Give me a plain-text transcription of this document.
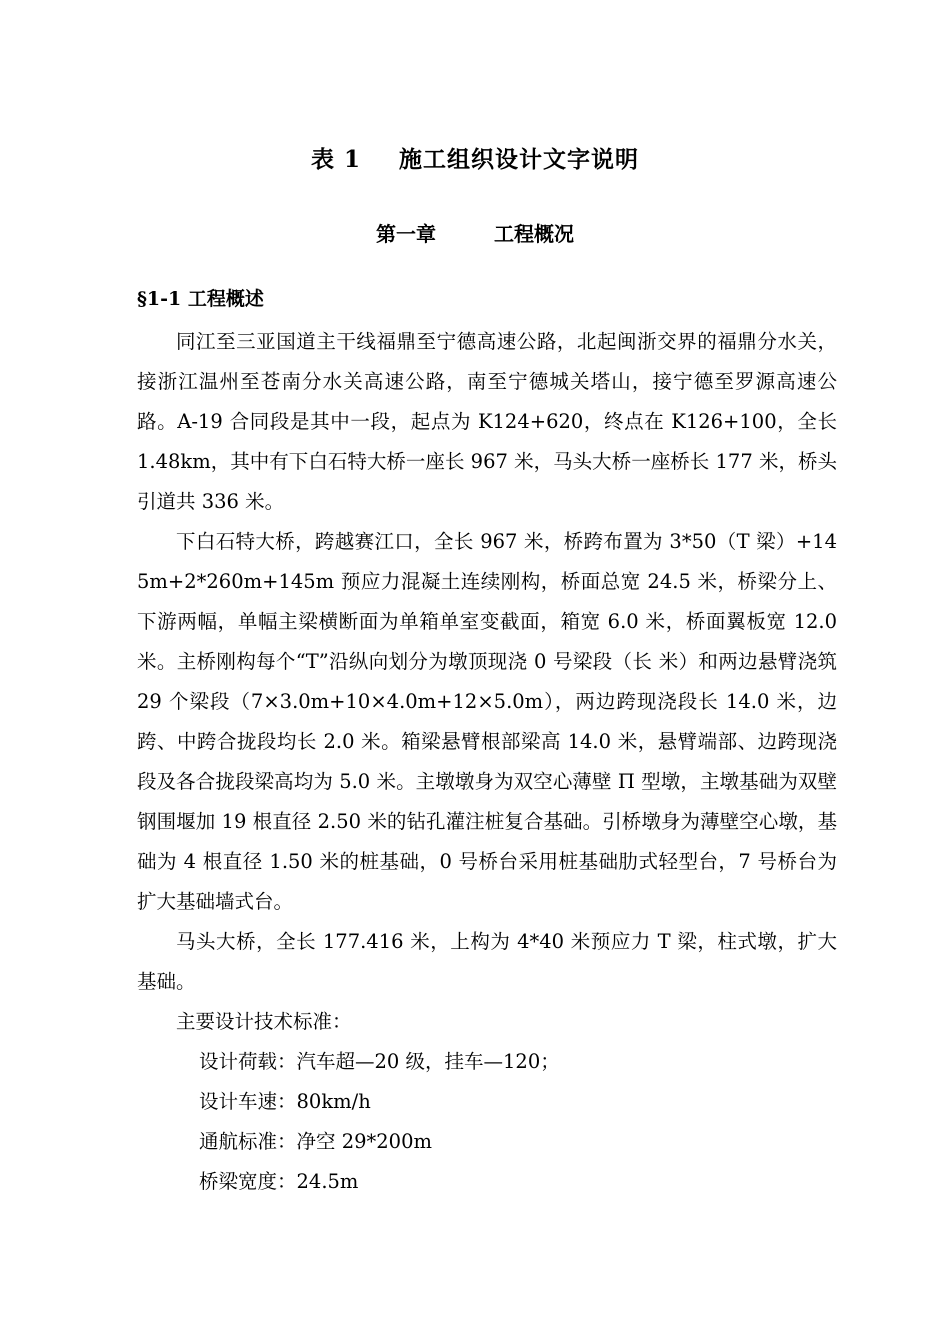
表 1 施工组织设计文字说明
第一章	工程概况
§1-1 工程概述

同江至三亚国道主干线福鼎至宁德高速公路，北起闽浙交界的福鼎分水关，接浙江温州至苍南分水关高速公路，南至宁德城关塔山，接宁德至罗源高速公路。A-19 合同段是其中一段，起点为 K124+620，终点在 K126+100，全长 1.48km，其中有下白石特大桥一座长 967 米，马头大桥一座桥长 177 米，桥头引道共 336 米。

下白石特大桥，跨越赛江口，全长 967 米，桥跨布置为 3*50（T 梁）+145m+2*260m+145m 预应力混凝土连续刚构，桥面总宽 24.5 米，桥梁分上、下游两幅，单幅主梁横断面为单箱单室变截面，箱宽 6.0 米，桥面翼板宽 12.0 米。主桥刚构每个“T”沿纵向划分为墩顶现浇 0 号梁段（长 米）和两边悬臂浇筑 29 个梁段（7×3.0m+10×4.0m+12×5.0m），两边跨现浇段长 14.0 米，边跨、中跨合拢段均长 2.0 米。箱梁悬臂根部梁高 14.0 米，悬臂端部、边跨现浇段及各合拢段梁高均为 5.0 米。主墩墩身为双空心薄壁 Π 型墩，主墩基础为双壁钢围堰加 19 根直径 2.50 米的钻孔灌注桩复合基础。引桥墩身为薄壁空心墩，基础为 4 根直径 1.50 米的桩基础，0 号桥台采用桩基础肋式轻型台，7 号桥台为扩大基础墙式台。

马头大桥，全长 177.416 米，上构为 4*40 米预应力 T 梁，柱式墩，扩大基础。

主要设计技术标准：

设计荷载：汽车超—20 级，挂车—120；

设计车速：80km/h

通航标准：净空 29*200m

桥梁宽度：24.5m
